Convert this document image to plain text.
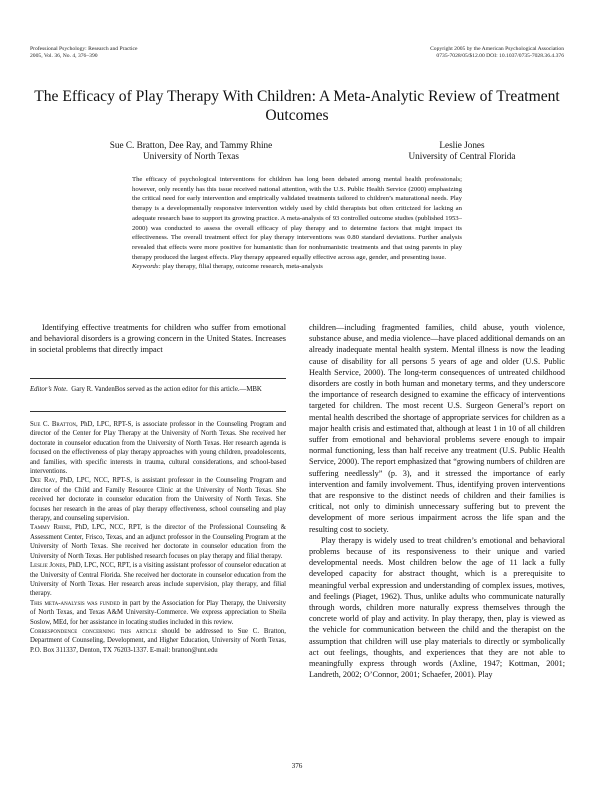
Professional Psychology: Research and Practice
2005, Vol. 36, No. 4, 376–390
Copyright 2005 by the American Psychological Association
0735-7028/05/$12.00 DOI: 10.1037/0735-7028.36.4.376
The Efficacy of Play Therapy With Children: A Meta-Analytic Review of Treatment Outcomes
Sue C. Bratton, Dee Ray, and Tammy Rhine
University of North Texas
Leslie Jones
University of Central Florida

The efficacy of psychological interventions for children has long been debated among mental health professionals; however, only recently has this issue received national attention, with the U.S. Public Health Service (2000) emphasizing the critical need for early intervention and empirically validated treatments tailored to children’s maturational needs. Play therapy is a developmentally responsive intervention widely used by child therapists but often criticized for lacking an adequate research base to support its growing practice. A meta-analysis of 93 controlled outcome studies (published 1953–2000) was conducted to assess the overall efficacy of play therapy and to determine factors that might impact its effectiveness. The overall treatment effect for play therapy interventions was 0.80 standard deviations. Further analysis revealed that effects were more positive for humanistic than for nonhumanistic treatments and that using parents in play therapy produced the largest effects. Play therapy appeared equally effective across age, gender, and presenting issue.

Keywords: play therapy, filial therapy, outcome research, meta-analysis

Identifying effective treatments for children who suffer from emotional and behavioral disorders is a growing concern in the United States. Increases in societal problems that directly impact

Editor’s Note. Gary R. VandenBos served as the action editor for this article.—MBK

Sue C. Bratton, PhD, LPC, RPT-S, is associate professor in the Counseling Program and director of the Center for Play Therapy at the University of North Texas. She received her doctorate in counselor education from the University of North Texas. Her research agenda is focused on the effectiveness of play therapy approaches with young children, preadolescents, and families, with specific interests in trauma, cultural considerations, and school-based interventions.

Dee Ray, PhD, LPC, NCC, RPT-S, is assistant professor in the Counseling Program and director of the Child and Family Resource Clinic at the University of North Texas. She received her doctorate in counselor education from the University of North Texas. She focuses her research in the areas of play therapy effectiveness, school counseling and play therapy, and counseling supervision.

Tammy Rhine, PhD, LPC, NCC, RPT, is the director of the Professional Counseling & Assessment Center, Frisco, Texas, and an adjunct professor in the Counseling Program at the University of North Texas. She received her doctorate in counselor education from the University of North Texas. Her published research focuses on play therapy and filial therapy.

Leslie Jones, PhD, LPC, NCC, RPT, is a visiting assistant professor of counselor education at the University of Central Florida. She received her doctorate in counselor education from the University of North Texas. Her research areas include supervision, play therapy, and filial therapy.

This meta-analysis was funded in part by the Association for Play Therapy, the University of North Texas, and Texas A&M University-Commerce. We express appreciation to Sheila Soslow, MEd, for her assistance in locating studies included in this review.

Correspondence concerning this article should be addressed to Sue C. Bratton, Department of Counseling, Development, and Higher Education, University of North Texas, P.O. Box 311337, Denton, TX 76203-1337. E-mail: bratton@unt.edu

children—including fragmented families, child abuse, youth violence, substance abuse, and media violence—have placed additional demands on an already inadequate mental health system. Mental illness is now the leading cause of disability for all persons 5 years of age and older (U.S. Public Health Service, 2000). The long-term consequences of untreated childhood disorders are costly in both human and monetary terms, and they underscore the importance of research designed to examine the efficacy of interventions targeted for children. The most recent U.S. Surgeon General’s report on mental health described the shortage of appropriate services for children as a major health crisis and estimated that, although at least 1 in 10 of all children suffer from emotional and behavioral problems severe enough to impair normal functioning, less than half receive any treatment (U.S. Public Health Service, 2000). The report emphasized that “growing numbers of children are suffering needlessly” (p. 3), and it stressed the importance of early intervention and family involvement. Thus, identifying proven interventions that are responsive to the distinct needs of children and their families is critical, not only to diminish unnecessary suffering but to prevent the development of more serious impairment across the life span and the resulting cost to society.

Play therapy is widely used to treat children’s emotional and behavioral problems because of its responsiveness to their unique and varied developmental needs. Most children below the age of 11 lack a fully developed capacity for abstract thought, which is a prerequisite to meaningful verbal expression and understanding of complex issues, motives, and feelings (Piaget, 1962). Thus, unlike adults who communicate naturally through words, children more naturally express themselves through the concrete world of play and activity. In play therapy, then, play is viewed as the vehicle for communication between the child and the therapist on the assumption that children will use play materials to directly or symbolically act out feelings, thoughts, and experiences that they are not able to meaningfully express through words (Axline, 1947; Kottman, 2001; Landreth, 2002; O’Connor, 2001; Schaefer, 2001). Play

376
